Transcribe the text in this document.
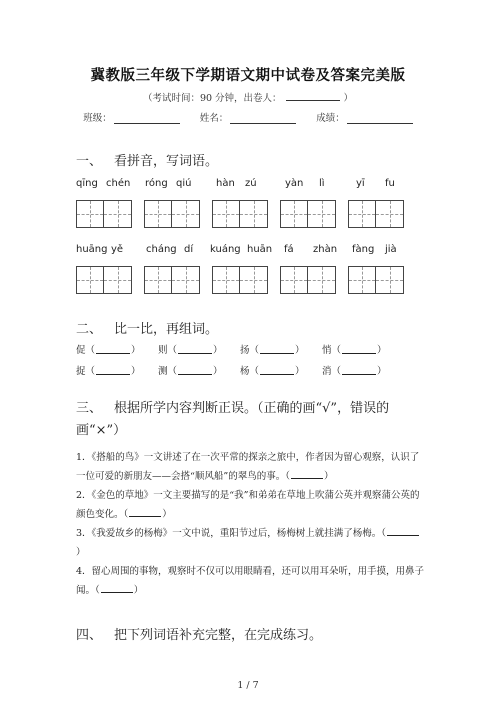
冀教版三年级下学期语文期中试卷及答案完美版
（考试时间：90 分钟，出卷人：	）
班级：	姓名：	成绩：
一、 看拼音，写词语。
qīng chén róng qiú hàn zú	yàn lì	yī fu
huāng yě cháng dí kuáng huān fá zhàn fàng jià
二、 比一比，再组词。
促（	） 则（	） 扬（	） 悄（	）
捉（	） 测（	） 杨（	） 消（	）
三、 根据所学内容判断正误。（正确的画“√”，错误的画“×”）
1．《搭船的鸟》一文讲述了在一次平常的探亲之旅中，作者因为留心观察，认识了一位可爱的新朋友——会搭“顺风船”的翠鸟的事。（	）
2．《金色的草地》一文主要描写的是“我”和弟弟在草地上吹蒲公英并观察蒲公英的颜色变化。（	）
3．《我爱故乡的杨梅》一文中说，重阳节过后，杨梅树上就挂满了杨梅。（）
4．留心周围的事物，观察时不仅可以用眼睛看，还可以用耳朵听，用手摸，用鼻子闻。（	）
四、 把下列词语补充完整，在完成练习。
1 / 7
